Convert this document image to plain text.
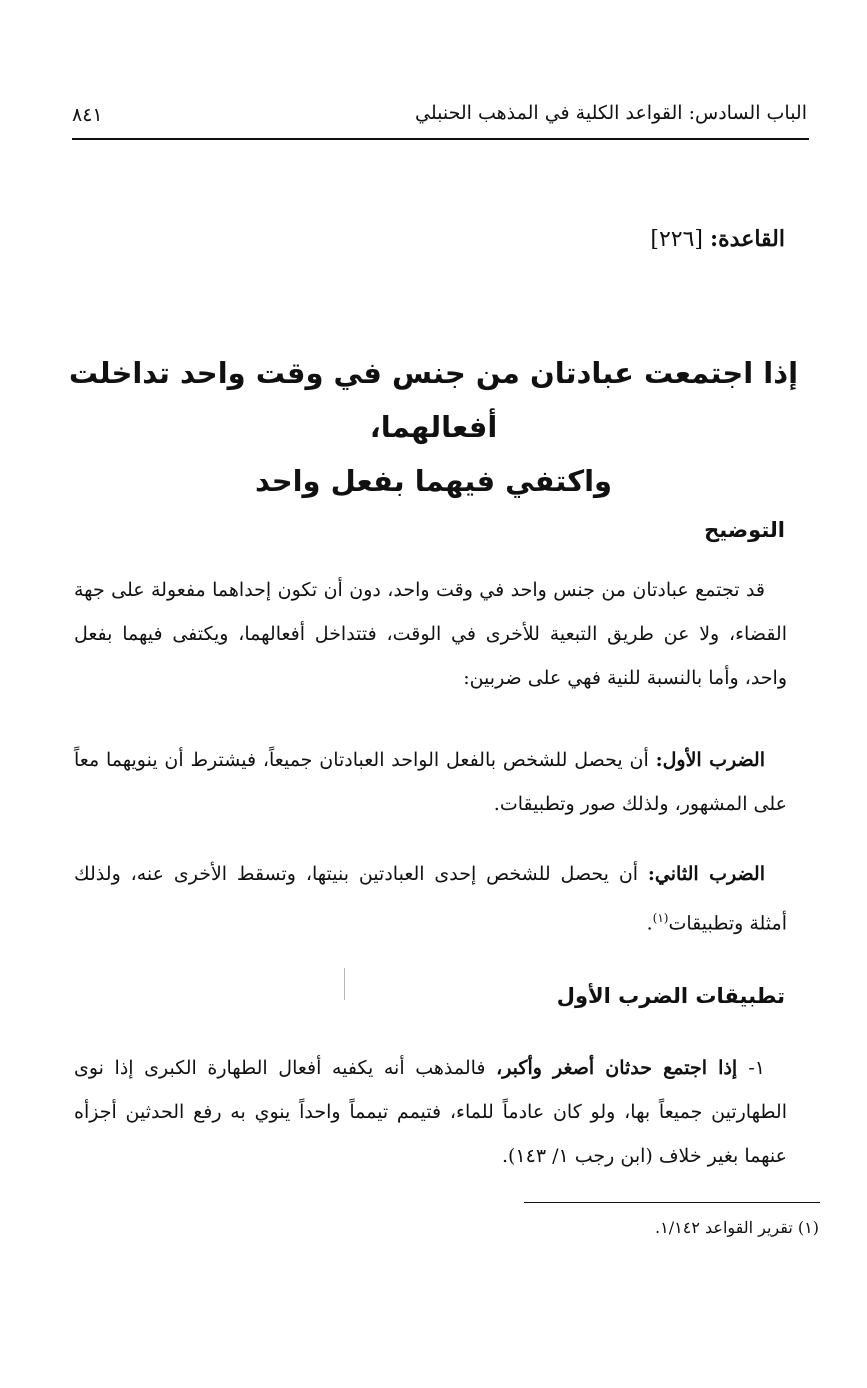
الباب السادس: القواعد الكلية في المذهب الحنبلي
٨٤١
القاعدة: [٢٢٦]
إذا اجتمعت عبادتان من جنس في وقت واحد تداخلت أفعالهما،
واكتفي فيهما بفعل واحد
التوضيح

قد تجتمع عبادتان من جنس واحد في وقت واحد، دون أن تكون إحداهما مفعولة على جهة القضاء، ولا عن طريق التبعية للأخرى في الوقت، فتتداخل أفعالهما، ويكتفى فيهما بفعل واحد، وأما بالنسبة للنية فهي على ضربين:

الضرب الأول: أن يحصل للشخص بالفعل الواحد العبادتان جميعاً، فيشترط أن ينويهما معاً على المشهور، ولذلك صور وتطبيقات.

الضرب الثاني: أن يحصل للشخص إحدى العبادتين بنيتها، وتسقط الأخرى عنه، ولذلك أمثلة وتطبيقات$^{(١)}$.

تطبيقات الضرب الأول

١- إذا اجتمع حدثان أصغر وأكبر، فالمذهب أنه يكفيه أفعال الطهارة الكبرى إذا نوى الطهارتين جميعاً بها، ولو كان عادماً للماء، فتيمم تيمماً واحداً ينوي به رفع الحدثين أجزأه عنهما بغير خلاف (ابن رجب ١/ ١٤٣).

(١) تقرير القواعد ١/١٤٢.
